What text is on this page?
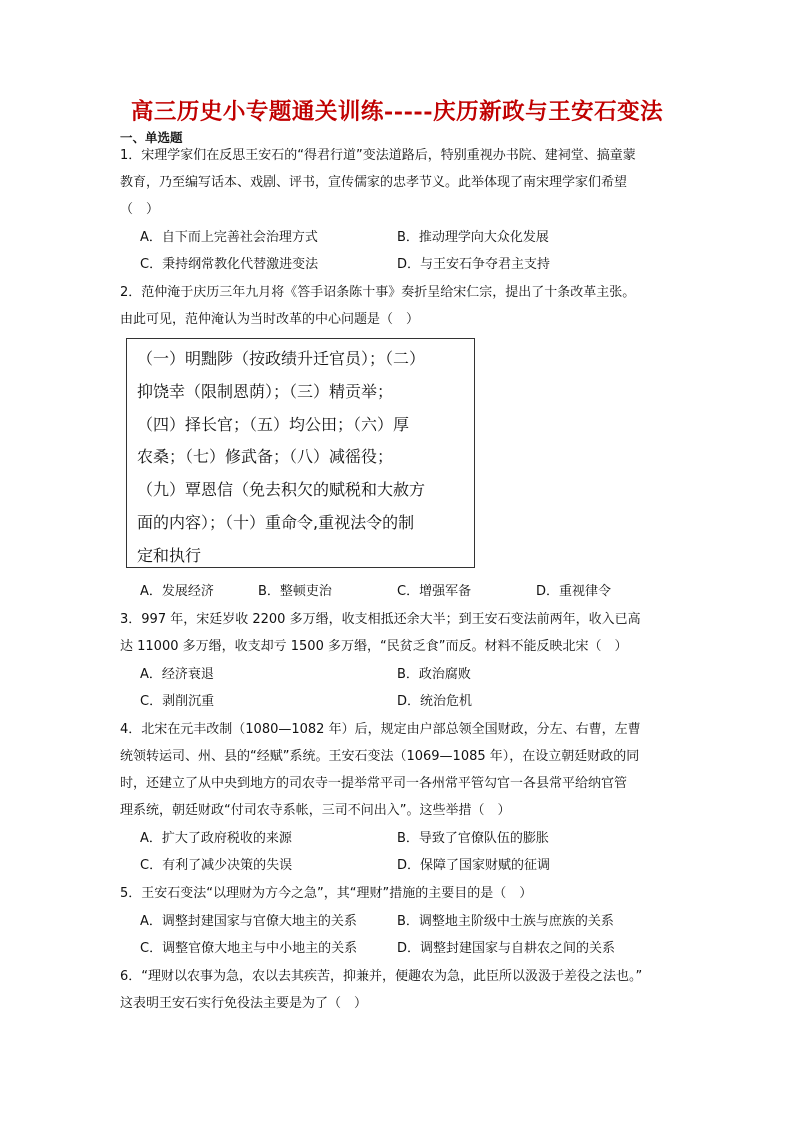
高三历史小专题通关训练-----庆历新政与王安石变法
一、单选题
1．宋理学家们在反思王安石的“得君行道”变法道路后，特别重视办书院、建祠堂、搞童蒙
教育，乃至编写话本、戏剧、评书，宣传儒家的忠孝节义。此举体现了南宋理学家们希望
（　）
A．自下而上完善社会治理方式	B．推动理学向大众化发展
C．秉持纲常教化代替激进变法	D．与王安石争夺君主支持
2．范仲淹于庆历三年九月将《答手诏条陈十事》奏折呈给宋仁宗，提出了十条改革主张。
由此可见，范仲淹认为当时改革的中心问题是（　）
（一）明黜陟（按政绩升迁官员）；（二）
抑饶幸（限制恩荫）；（三）精贡举；
（四）择长官；（五）均公田；（六）厚
农桑；（七）修武备；（八）减徭役；
（九）覃恩信（免去积欠的赋税和大赦方
面的内容）；（十）重命令,重视法令的制
定和执行
A．发展经济	B．整顿吏治	C．增强军备	D．重视律令
3．997 年，宋廷岁收 2200 多万缗，收支相抵还余大半；到王安石变法前两年，收入已高
达 11000 多万缗，收支却亏 1500 多万缗，“民贫乏食”而反。材料不能反映北宋（　）
A．经济衰退	B．政治腐败
C．剥削沉重	D．统治危机
4．北宋在元丰改制（1080—1082 年）后，规定由户部总领全国财政，分左、右曹，左曹
统领转运司、州、县的“经赋”系统。王安石变法（1069—1085 年），在设立朝廷财政的同
时，还建立了从中央到地方的司农寺一提举常平司一各州常平管勾官一各县常平给纳官管
理系统，朝廷财政“付司农寺系帐，三司不问出入”。这些举措（　）
A．扩大了政府税收的来源	B．导致了官僚队伍的膨胀
C．有利了减少决策的失误	D．保障了国家财赋的征调
5．王安石变法“以理财为方今之急”，其“理财”措施的主要目的是（　）
A．调整封建国家与官僚大地主的关系	B．调整地主阶级中士族与庶族的关系
C．调整官僚大地主与中小地主的关系	D．调整封建国家与自耕农之间的关系
6．“理财以农事为急，农以去其疾苦，抑兼并，便趣农为急，此臣所以汲汲于差役之法也。”
这表明王安石实行免役法主要是为了（　）
